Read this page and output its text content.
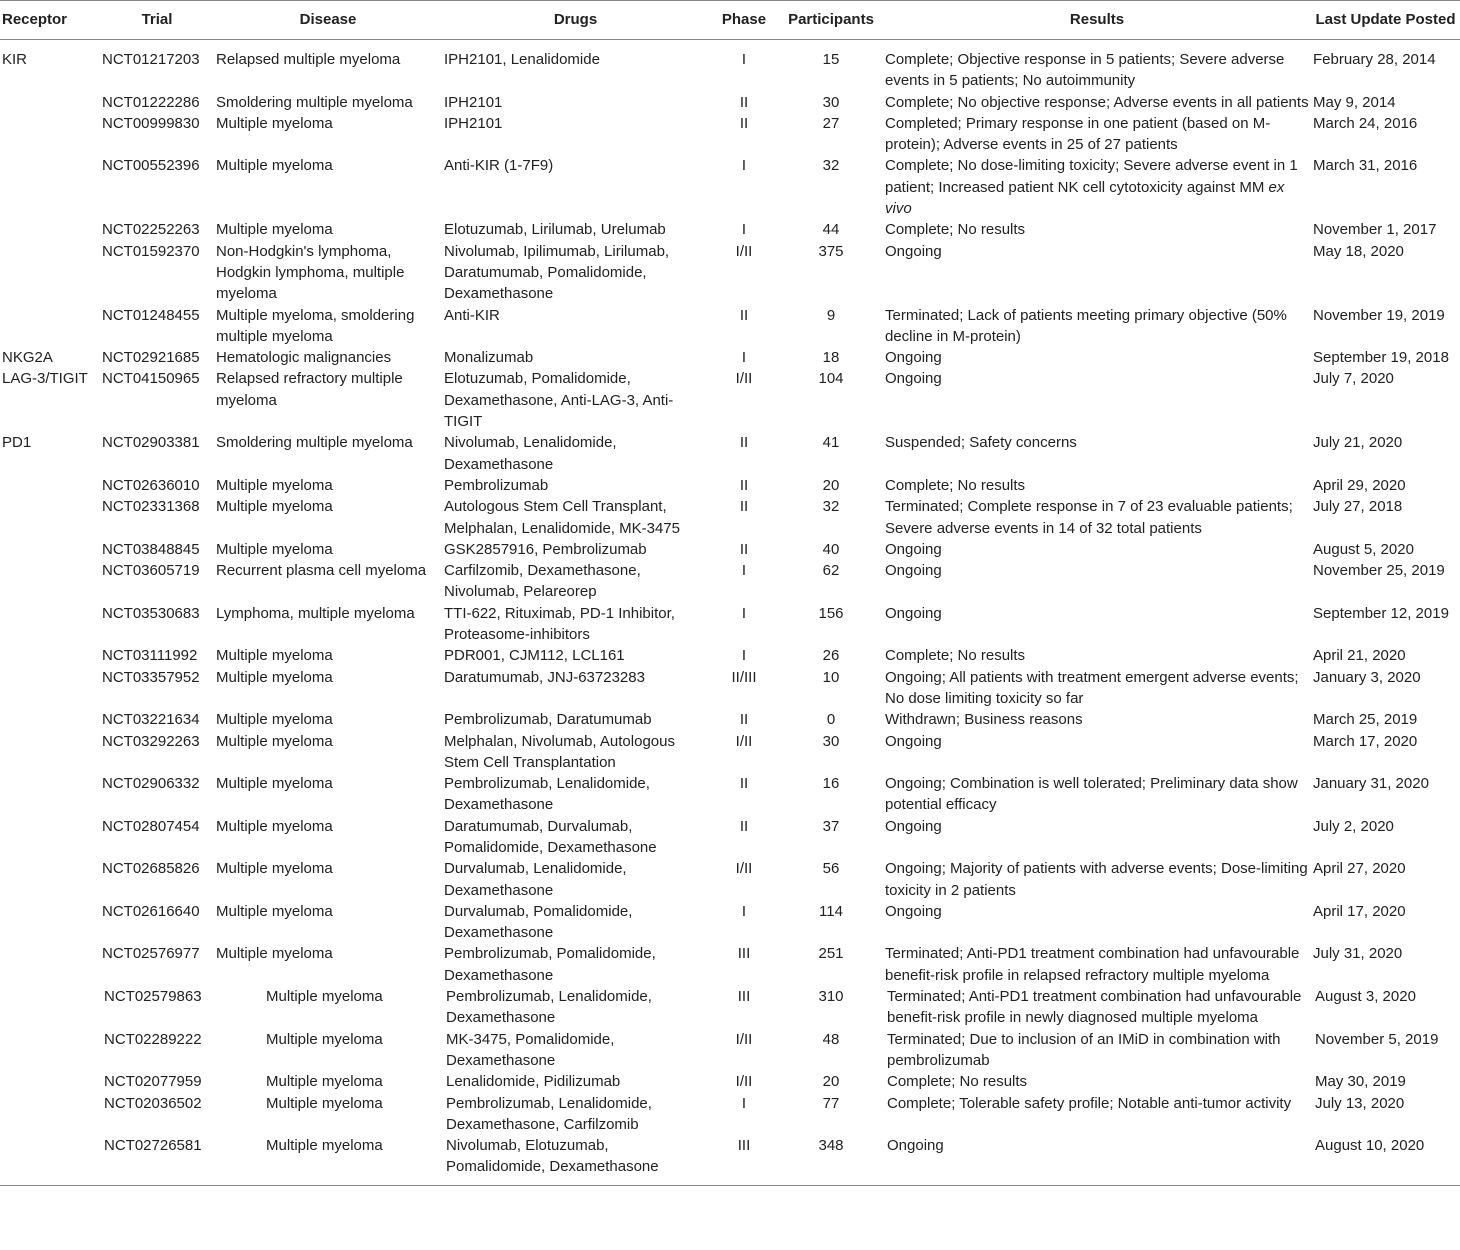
Receptor	Trial	Disease	Drugs	Phase	Participants	Results	Last Update Posted
KIR	NCT01217203	Relapsed multiple myeloma	IPH2101, Lenalidomide	I	15	Complete; Objective response in 5 patients; Severe adverse events in 5 patients; No autoimmunity	February 28, 2014
	NCT01222286	Smoldering multiple myeloma	IPH2101	II	30	Complete; No objective response; Adverse events in all patients	May 9, 2014
	NCT00999830	Multiple myeloma	IPH2101	II	27	Completed; Primary response in one patient (based on M-protein); Adverse events in 25 of 27 patients	March 24, 2016
	NCT00552396	Multiple myeloma	Anti-KIR (1-7F9)	I	32	Complete; No dose-limiting toxicity; Severe adverse event in 1 patient; Increased patient NK cell cytotoxicity against MM ex vivo	March 31, 2016
	NCT02252263	Multiple myeloma	Elotuzumab, Lirilumab, Urelumab	I	44	Complete; No results	November 1, 2017
	NCT01592370	Non-Hodgkin's lymphoma, Hodgkin lymphoma, multiple myeloma	Nivolumab, Ipilimumab, Lirilumab, Daratumumab, Pomalidomide, Dexamethasone	I/II	375	Ongoing	May 18, 2020
	NCT01248455	Multiple myeloma, smoldering multiple myeloma	Anti-KIR	II	9	Terminated; Lack of patients meeting primary objective (50% decline in M-protein)	November 19, 2019
NKG2A	NCT02921685	Hematologic malignancies	Monalizumab	I	18	Ongoing	September 19, 2018
LAG-3/TIGIT	NCT04150965	Relapsed refractory multiple myeloma	Elotuzumab, Pomalidomide, Dexamethasone, Anti-LAG-3, Anti-TIGIT	I/II	104	Ongoing	July 7, 2020
PD1	NCT02903381	Smoldering multiple myeloma	Nivolumab, Lenalidomide, Dexamethasone	II	41	Suspended; Safety concerns	July 21, 2020
	NCT02636010	Multiple myeloma	Pembrolizumab	II	20	Complete; No results	April 29, 2020
	NCT02331368	Multiple myeloma	Autologous Stem Cell Transplant, Melphalan, Lenalidomide, MK-3475	II	32	Terminated; Complete response in 7 of 23 evaluable patients; Severe adverse events in 14 of 32 total patients	July 27, 2018
	NCT03848845	Multiple myeloma	GSK2857916, Pembrolizumab	II	40	Ongoing	August 5, 2020
	NCT03605719	Recurrent plasma cell myeloma	Carfilzomib, Dexamethasone, Nivolumab, Pelareorep	I	62	Ongoing	November 25, 2019
	NCT03530683	Lymphoma, multiple myeloma	TTI-622, Rituximab, PD-1 Inhibitor, Proteasome-inhibitors	I	156	Ongoing	September 12, 2019
	NCT03111992	Multiple myeloma	PDR001, CJM112, LCL161	I	26	Complete; No results	April 21, 2020
	NCT03357952	Multiple myeloma	Daratumumab, JNJ-63723283	II/III	10	Ongoing; All patients with treatment emergent adverse events; No dose limiting toxicity so far	January 3, 2020
	NCT03221634	Multiple myeloma	Pembrolizumab, Daratumumab	II	0	Withdrawn; Business reasons	March 25, 2019
	NCT03292263	Multiple myeloma	Melphalan, Nivolumab, Autologous Stem Cell Transplantation	I/II	30	Ongoing	March 17, 2020
	NCT02906332	Multiple myeloma	Pembrolizumab, Lenalidomide, Dexamethasone	II	16	Ongoing; Combination is well tolerated; Preliminary data show potential efficacy	January 31, 2020
	NCT02807454	Multiple myeloma	Daratumumab, Durvalumab, Pomalidomide, Dexamethasone	II	37	Ongoing	July 2, 2020
	NCT02685826	Multiple myeloma	Durvalumab, Lenalidomide, Dexamethasone	I/II	56	Ongoing; Majority of patients with adverse events; Dose-limiting toxicity in 2 patients	April 27, 2020
	NCT02616640	Multiple myeloma	Durvalumab, Pomalidomide, Dexamethasone	I	114	Ongoing	April 17, 2020
	NCT02576977	Multiple myeloma	Pembrolizumab, Pomalidomide, Dexamethasone	III	251	Terminated; Anti-PD1 treatment combination had unfavourable benefit-risk profile in relapsed refractory multiple myeloma	July 31, 2020
	NCT02579863	Multiple myeloma	Pembrolizumab, Lenalidomide, Dexamethasone	III	310	Terminated; Anti-PD1 treatment combination had unfavourable benefit-risk profile in newly diagnosed multiple myeloma	August 3, 2020
	NCT02289222	Multiple myeloma	MK-3475, Pomalidomide, Dexamethasone	I/II	48	Terminated; Due to inclusion of an IMiD in combination with pembrolizumab	November 5, 2019
	NCT02077959	Multiple myeloma	Lenalidomide, Pidilizumab	I/II	20	Complete; No results	May 30, 2019
	NCT02036502	Multiple myeloma	Pembrolizumab, Lenalidomide, Dexamethasone, Carfilzomib	I	77	Complete; Tolerable safety profile; Notable anti-tumor activity	July 13, 2020
	NCT02726581	Multiple myeloma	Nivolumab, Elotuzumab, Pomalidomide, Dexamethasone	III	348	Ongoing	August 10, 2020
